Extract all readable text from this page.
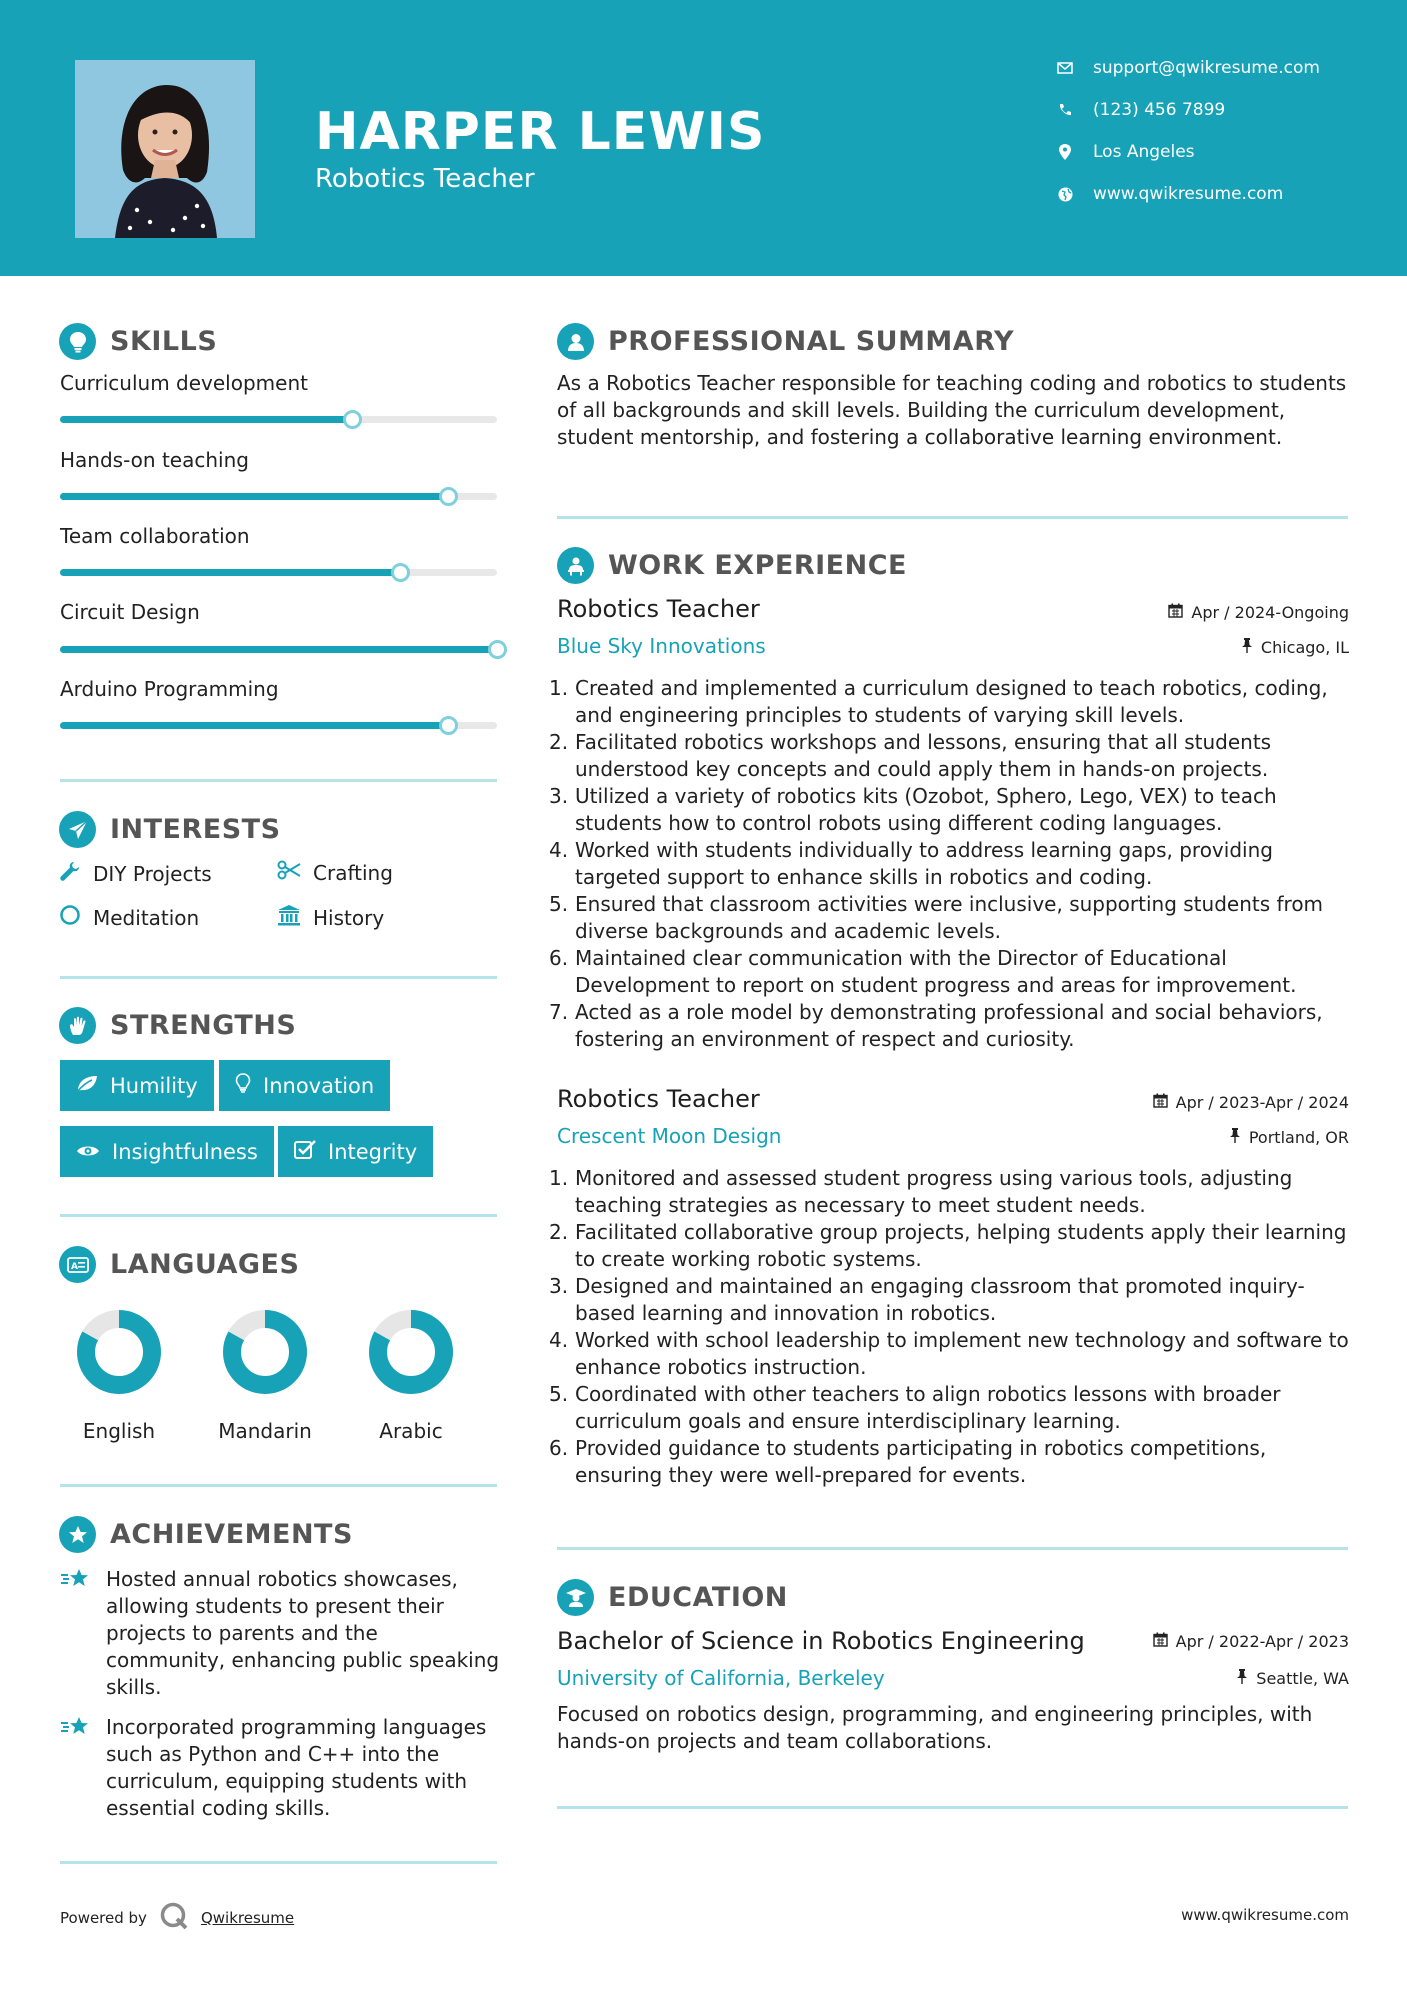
HARPER LEWIS
Robotics Teacher
support@qwikresume.com
(123) 456 7899
Los Angeles
www.qwikresume.com
SKILLS
Curriculum development
Hands-on teaching
Team collaboration
Circuit Design
Arduino Programming
INTERESTS
DIY Projects	Crafting
Meditation	History
STRENGTHS
Humility	Innovation
Insightfulness	Integrity
A LANGUAGES
English	Mandarin	Arabic
ACHIEVEMENTS
Hosted annual robotics showcases, allowing students to present their projects to parents and the community, enhancing public speaking skills.
Incorporated programming languages such as Python and C++ into the curriculum, equipping students with essential coding skills.
PROFESSIONAL SUMMARY
As a Robotics Teacher responsible for teaching coding and robotics to students of all backgrounds and skill levels. Building the curriculum development, student mentorship, and fostering a collaborative learning environment.
WORK EXPERIENCE
Robotics Teacher	Apr / 2024-Ongoing
Blue Sky Innovations	Chicago, IL
1. Created and implemented a curriculum designed to teach robotics, coding, and engineering principles to students of varying skill levels.
2. Facilitated robotics workshops and lessons, ensuring that all students understood key concepts and could apply them in hands-on projects.
3. Utilized a variety of robotics kits (Ozobot, Sphero, Lego, VEX) to teach students how to control robots using different coding languages.
4. Worked with students individually to address learning gaps, providing targeted support to enhance skills in robotics and coding.
5. Ensured that classroom activities were inclusive, supporting students from diverse backgrounds and academic levels.
6. Maintained clear communication with the Director of Educational Development to report on student progress and areas for improvement.
7. Acted as a role model by demonstrating professional and social behaviors, fostering an environment of respect and curiosity.
Robotics Teacher	Apr / 2023-Apr / 2024
Crescent Moon Design	Portland, OR
1. Monitored and assessed student progress using various tools, adjusting teaching strategies as necessary to meet student needs.
2. Facilitated collaborative group projects, helping students apply their learning to create working robotic systems.
3. Designed and maintained an engaging classroom that promoted inquiry-based learning and innovation in robotics.
4. Worked with school leadership to implement new technology and software to enhance robotics instruction.
5. Coordinated with other teachers to align robotics lessons with broader curriculum goals and ensure interdisciplinary learning.
6. Provided guidance to students participating in robotics competitions, ensuring they were well-prepared for events.
EDUCATION
Bachelor of Science in Robotics Engineering	Apr / 2022-Apr / 2023
University of California, Berkeley	Seattle, WA
Focused on robotics design, programming, and engineering principles, with hands-on projects and team collaborations.
Powered by	Qwikresume	www.qwikresume.com
